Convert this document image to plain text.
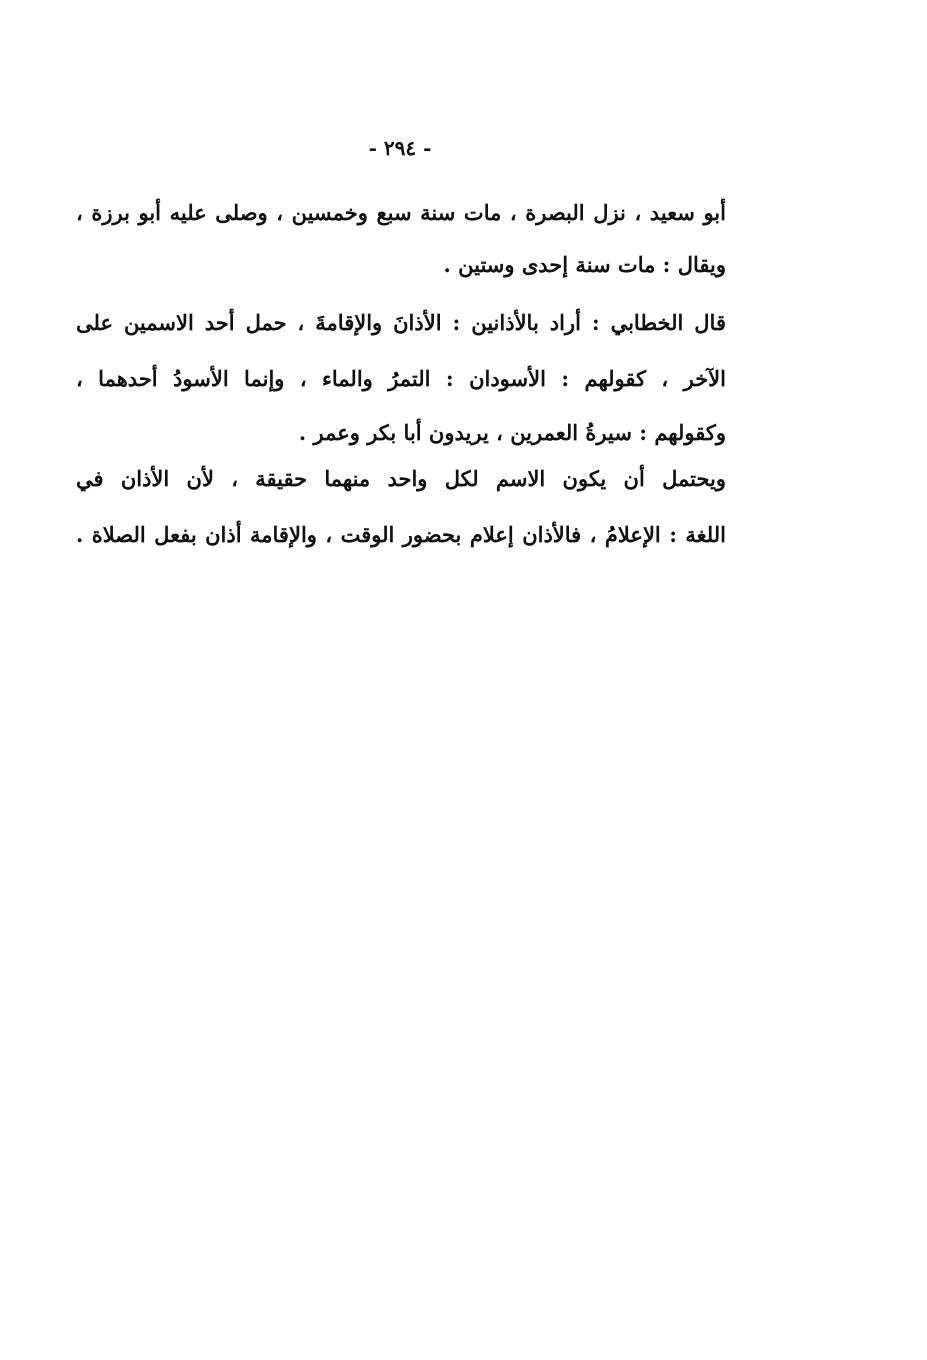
- ٢٩٤ -
أبو سعيد ، نزل البصرة ، مات سنة سبع وخمسين ، وصلى عليه أبو برزة ،
ويقال : مات سنة إحدى وستين .
قال الخطابي : أراد بالأذانين : الأذانَ والإقامةَ ، حمل أحد الاسمين على
الآخر ، كقولهم : الأسودان : التمرُ والماء ، وإنما الأسودُ أحدهما ،
وكقولهم : سيرةُ العمرين ، يريدون أبا بكر وعمر .
ويحتمل أن يكون الاسم لكل واحد منهما حقيقة ، لأن الأذان في
اللغة : الإعلامُ ، فالأذان إعلام بحضور الوقت ، والإقامة أذان بفعل الصلاة .
